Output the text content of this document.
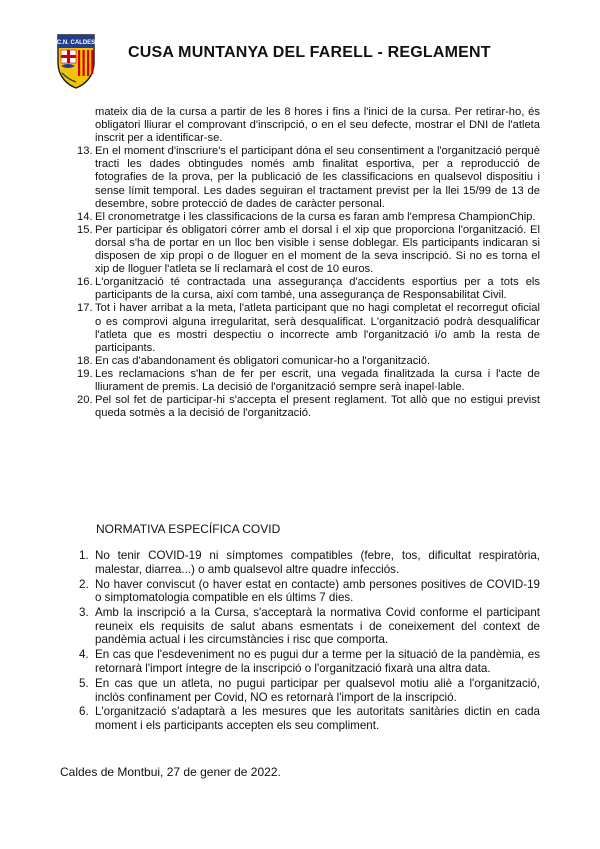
C.N. CALDES
CUSA MUNTANYA DEL FARELL - REGLAMENT
mateix dia de la cursa a partir de les 8 hores i fins a l'inici de la cursa. Per retirar-ho, és obligatori lliurar el comprovant d'inscripció, o en el seu defecte, mostrar el DNI de l'atleta inscrit per a identificar-se.
13. En el moment d'inscriure's el participant dóna el seu consentiment a l'organització perquè tracti les dades obtingudes només amb finalitat esportiva, per a reproducció de fotografies de la prova, per la publicació de les classificacions en qualsevol dispositiu i sense límit temporal. Les dades seguiran el tractament previst per la llei 15/99 de 13 de desembre, sobre protecció de dades de caràcter personal.
14. El cronometratge i les classificacions de la cursa es faran amb l'empresa ChampionChip.
15. Per participar és obligatori córrer amb el dorsal i el xip que proporciona l'organització. El dorsal s'ha de portar en un lloc ben visible i sense doblegar. Els participants indicaran si disposen de xip propi o de lloguer en el moment de la seva inscripció. Si no es torna el xip de lloguer l'atleta se li reclamarà el cost de 10 euros.
16. L'organització té contractada una assegurança d'accidents esportius per a tots els participants de la cursa, així com també, una assegurança de Responsabilitat Civil.
17. Tot i haver arribat a la meta, l'atleta participant que no hagi completat el recorregut oficial o es comprovi alguna irregularitat, serà desqualificat. L'organització podrà desqualificar l'atleta que es mostri despectiu o incorrecte amb l'organització i/o amb la resta de participants.
18. En cas d'abandonament és obligatori comunicar-ho a l'organització.
19. Les reclamacions s'han de fer per escrit, una vegada finalitzada la cursa i l'acte de lliurament de premis. La decisió de l'organització sempre serà inapel·lable.
20. Pel sol fet de participar-hi s'accepta el present reglament. Tot allò que no estigui previst queda sotmès a la decisió de l'organització.
NORMATIVA ESPECÍFICA COVID
1. No tenir COVID-19 ni símptomes compatibles (febre, tos, dificultat respiratòria, malestar, diarrea...) o amb qualsevol altre quadre infecciós.
2. No haver conviscut (o haver estat en contacte) amb persones positives de COVID-19 o simptomatologia compatible en els últims 7 dies.
3. Amb la inscripció a la Cursa, s'acceptarà la normativa Covid conforme el participant reuneix els requisits de salut abans esmentats i de coneixement del context de pandèmia actual i les circumstàncies i risc que comporta.
4. En cas que l'esdeveniment no es pugui dur a terme per la situació de la pandèmia, es retornarà l'import íntegre de la inscripció o l'organització fixarà una altra data.
5. En cas que un atleta, no pugui participar per qualsevol motiu aliè a l'organització, inclòs confinament per Covid, NO es retornarà l'import de la inscripció.
6. L'organització s'adaptarà a les mesures que les autoritats sanitàries dictin en cada moment i els participants accepten els seu compliment.
Caldes de Montbui, 27 de gener de 2022.
